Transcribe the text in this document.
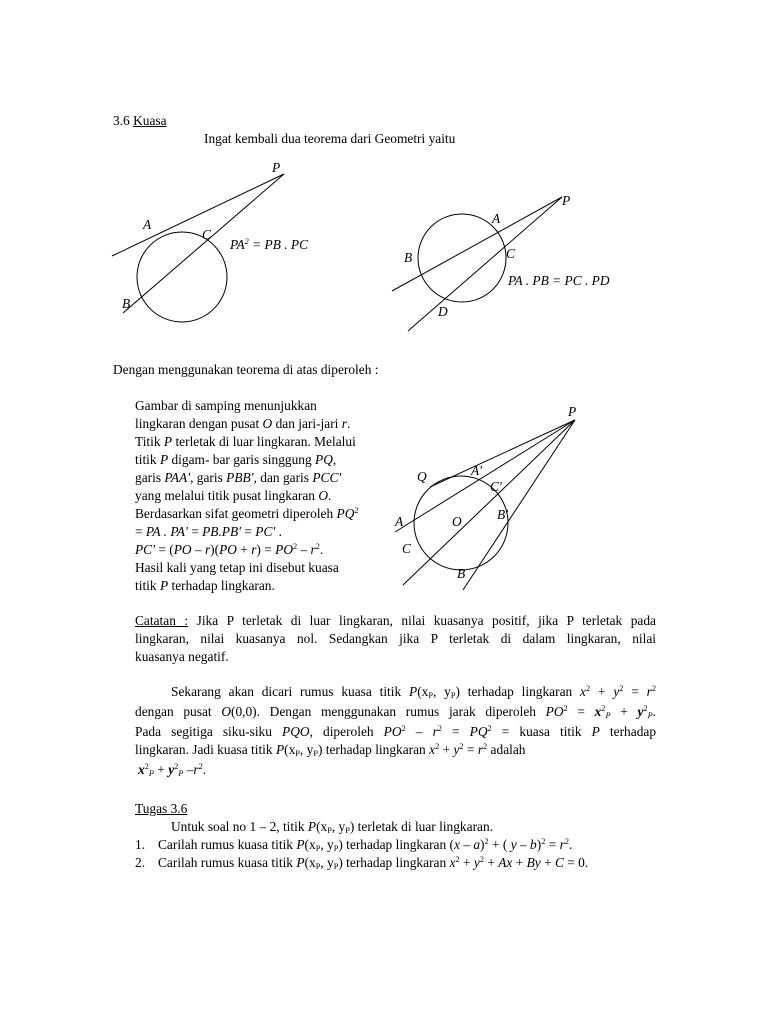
3.6 Kuasa
Ingat kembali dua teorema dari Geometri yaitu
P
A
C
B
$PA^2$ = PB . PC
P
A
B	C
D
PA . PB = PC . PD
Dengan menggunakan teorema di atas diperoleh :
Gambar di samping menunjukkan
lingkaran dengan pusat O dan jari-jari r.
Titik P terletak di luar lingkaran. Melalui
titik P digam- bar garis singgung PQ,
garis PAA', garis PBB', dan garis PCC'
yang melalui titik pusat lingkaran O.
Berdasarkan sifat geometri diperoleh $PQ^2$
= PA . PA' = PB.PB' = PC' .
$PC' = (PO - r)(PO + r) = PO^2 - r^2$.
Hasil kali yang tetap ini disebut kuasa
titik P terhadap lingkaran.
P
Q	A'
C'
B'
O
A
C
B
Catatan : Jika P terletak di luar lingkaran, nilai kuasanya positif, jika P terletak pada
lingkaran, nilai kuasanya nol. Sedangkan jika P terletak di dalam lingkaran, nilai
kuasanya negatif.
Sekarang akan dicari rumus kuasa titik $P(x_P$, $y_P$) terhadap lingkaran $x^2 + y^2 = r^2$
dengan pusat O(0,0). Dengan menggunakan rumus jarak diperoleh $PO^2 = x^2_P + y^2_P$.
Pada segitiga siku-siku PQO, diperoleh $PO^2 - r^2 = PQ^2$ = kuasa titik P terhadap
lingkaran. Jadi kuasa titik $P(x_P$, $y_P$) terhadap lingkaran $x^2 + y^2 = r^2$ adalah
$x^2_P + y^2_P$ $-r^2$.
Tugas 3.6
Untuk soal no 1 – 2, titik $P(x_P$, $y_P$) terletak di luar lingkaran.
1. Carilah rumus kuasa titik $P(x_P$, $y_P$) terhadap lingkaran (x – a)$^2$ + ( $y - b)^2 = r^2$.
2. Carilah rumus kuasa titik $P(x_P$, $y_P$) terhadap lingkaran $x^2 + y^2 + Ax + By + C = 0$.
